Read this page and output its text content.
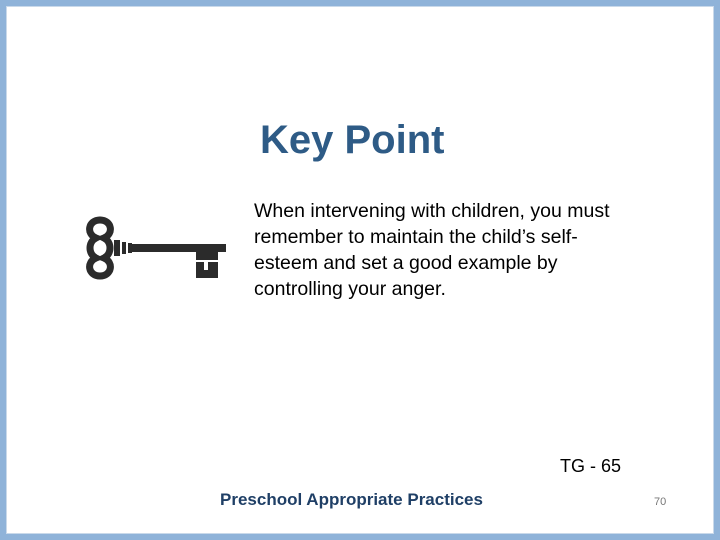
Key Point
When intervening with children, you must remember to maintain the child’s self-esteem and set a good example by controlling your anger.
TG - 65
Preschool Appropriate Practices	70
